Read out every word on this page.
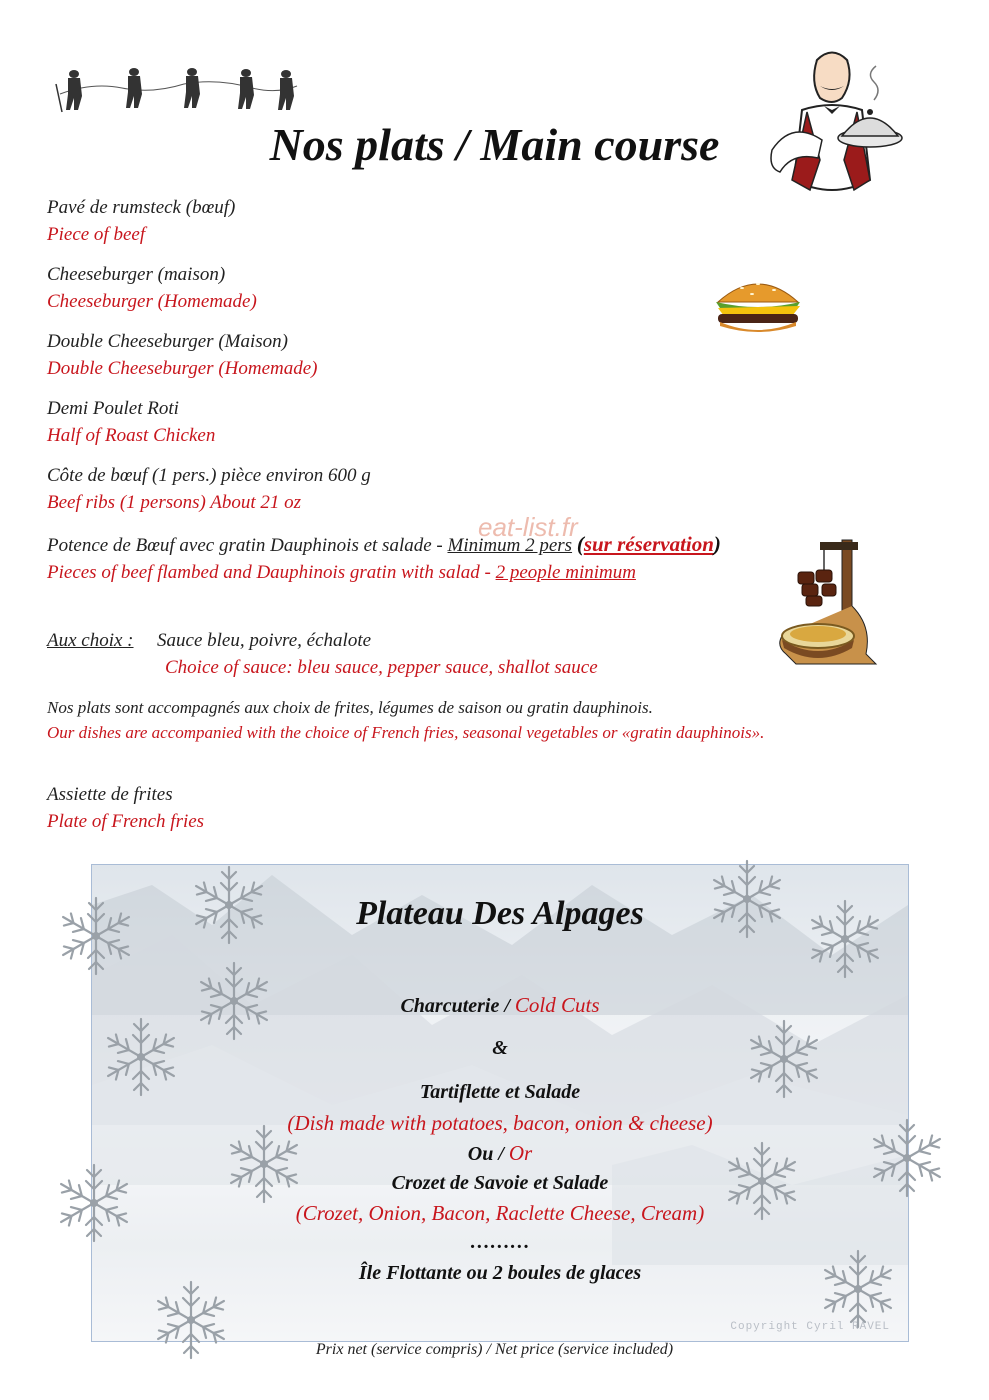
Nos plats / Main course
Pavé de rumsteck (bœuf)
Piece of beef
Cheeseburger (maison)
Cheeseburger (Homemade)
Double Cheeseburger (Maison)
Double Cheeseburger (Homemade)
Demi Poulet Roti
Half of Roast Chicken
Côte de bœuf (1 pers.) pièce environ 600 g
Beef ribs (1 persons) About 21 oz
eat-list.fr
Potence de Bœuf avec gratin Dauphinois et salade - Minimum 2 pers (sur réservation)
Pieces of beef flambed and Dauphinois gratin with salad - 2 people minimum
Aux choix : Sauce bleu, poivre, échalote
Choice of sauce: bleu sauce, pepper sauce, shallot sauce
Nos plats sont accompagnés aux choix de frites, légumes de saison ou gratin dauphinois.
Our dishes are accompanied with the choice of French fries, seasonal vegetables or «gratin dauphinois».
Assiette de frites
Plate of French fries
Plateau Des Alpages
Charcuterie / Cold Cuts
&
Tartiflette et Salade
(Dish made with potatoes, bacon, onion & cheese)
Ou / Or
Crozet de Savoie et Salade
(Crozet, Onion, Bacon, Raclette Cheese, Cream)
………
Île Flottante ou 2 boules de glaces
Copyright Cyril RAVEL
Prix net (service compris) / Net price (service included)
